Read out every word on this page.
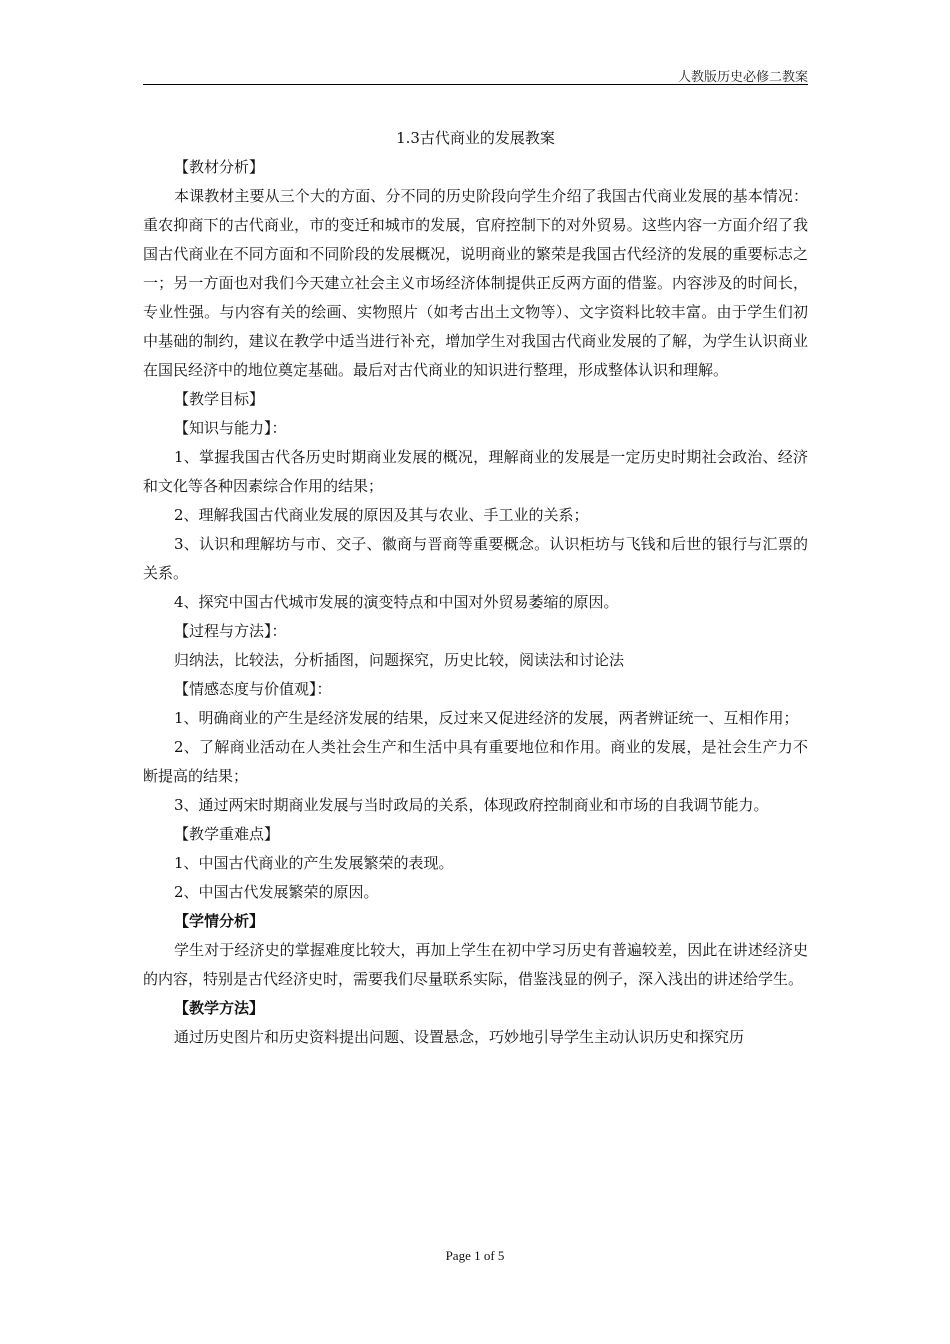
人教版历史必修二教案
1.3古代商业的发展教案

【教材分析】

本课教材主要从三个大的方面、分不同的历史阶段向学生介绍了我国古代商业发展的基本情况：重农抑商下的古代商业，市的变迁和城市的发展，官府控制下的对外贸易。这些内容一方面介绍了我国古代商业在不同方面和不同阶段的发展概况，说明商业的繁荣是我国古代经济的发展的重要标志之一；另一方面也对我们今天建立社会主义市场经济体制提供正反两方面的借鉴。内容涉及的时间长，专业性强。与内容有关的绘画、实物照片（如考古出土文物等）、文字资料比较丰富。由于学生们初中基础的制约，建议在教学中适当进行补充，增加学生对我国古代商业发展的了解，为学生认识商业在国民经济中的地位奠定基础。最后对古代商业的知识进行整理，形成整体认识和理解。

【教学目标】

【知识与能力】：

1、掌握我国古代各历史时期商业发展的概况，理解商业的发展是一定历史时期社会政治、经济和文化等各种因素综合作用的结果；

2、理解我国古代商业发展的原因及其与农业、手工业的关系；

3、认识和理解坊与市、交子、徽商与晋商等重要概念。认识柜坊与飞钱和后世的银行与汇票的关系。

4、探究中国古代城市发展的演变特点和中国对外贸易萎缩的原因。

【过程与方法】：

归纳法，比较法，分析插图，问题探究，历史比较，阅读法和讨论法

【情感态度与价值观】：

1、明确商业的产生是经济发展的结果，反过来又促进经济的发展，两者辨证统一、互相作用；

2、了解商业活动在人类社会生产和生活中具有重要地位和作用。商业的发展，是社会生产力不断提高的结果；

3、通过两宋时期商业发展与当时政局的关系，体现政府控制商业和市场的自我调节能力。

【教学重难点】

1、中国古代商业的产生发展繁荣的表现。

2、中国古代发展繁荣的原因。

【学情分析】

学生对于经济史的掌握难度比较大，再加上学生在初中学习历史有普遍较差，因此在讲述经济史的内容，特别是古代经济史时，需要我们尽量联系实际，借鉴浅显的例子，深入浅出的讲述给学生。

【教学方法】

通过历史图片和历史资料提出问题、设置悬念，巧妙地引导学生主动认识历史和探究历

Page 1 of 5
